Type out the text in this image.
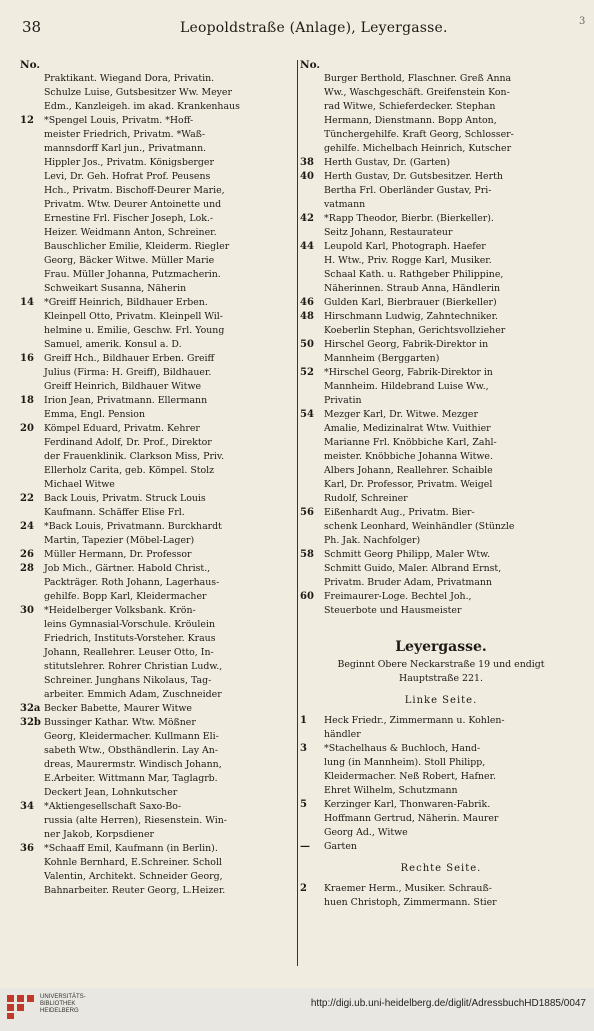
38	Leopoldstraße (Anlage), Leyergasse.	3
No.
Praktikant. Wiegand Dora, Privatin.
Schulze Luise, Gutsbesitzer Ww. Meyer
Edm., Kanzleigeh. im akad. Krankenhaus
12	*Spengel Louis, Privatm. *Hoff-
meister Friedrich, Privatm. *Waß-
mannsdorff Karl jun., Privatmann.
Hippler Jos., Privatm. Königsberger
Levi, Dr. Geh. Hofrat Prof. Peusens
Hch., Privatm. Bischoff-Deurer Marie,
Privatm. Wtw. Deurer Antoinette und
Ernestine Frl. Fischer Joseph, Lok.-
Heizer. Weidmann Anton, Schreiner.
Bauschlicher Emilie, Kleiderm. Riegler
Georg, Bäcker Witwe. Müller Marie
Frau. Müller Johanna, Putzmacherin.
Schweikart Susanna, Näherin
14	*Greiff Heinrich, Bildhauer Erben.
Kleinpell Otto, Privatm. Kleinpell Wil-
helmine u. Emilie, Geschw. Frl. Young
Samuel, amerik. Konsul a. D.
16	Greiff Hch., Bildhauer Erben. Greiff
Julius (Firma: H. Greiff), Bildhauer.
Greiff Heinrich, Bildhauer Witwe
18	Irion Jean, Privatmann. Ellermann
Emma, Engl. Pension
20	Kömpel Eduard, Privatm. Kehrer
Ferdinand Adolf, Dr. Prof., Direktor
der Frauenklinik. Clarkson Miss, Priv.
Ellerholz Carita, geb. Kömpel. Stolz
Michael Witwe
22	Back Louis, Privatm. Struck Louis
Kaufmann. Schäffer Elise Frl.
24	*Back Louis, Privatmann. Burckhardt
Martin, Tapezier (Möbel-Lager)
26	Müller Hermann, Dr. Professor
28	Job Mich., Gärtner. Habold Christ.,
Packträger. Roth Johann, Lagerhaus-
gehilfe. Bopp Karl, Kleidermacher
30	*Heidelberger Volksbank. Krön-
leins Gymnasial-Vorschule. Kröulein
Friedrich, Instituts-Vorsteher. Kraus
Johann, Reallehrer. Leuser Otto, In-
stitutslehrer. Rohrer Christian Ludw.,
Schreiner. Junghans Nikolaus, Tag-
arbeiter. Emmich Adam, Zuschneider
32a Becker Babette, Maurer Witwe
32b Bussinger Kathar. Wtw. Mößner
Georg, Kleidermacher. Kullmann Eli-
sabeth Wtw., Obsthändlerin. Lay An-
dreas, Maurermstr. Windisch Johann,
E.Arbeiter. Wittmann Mar, Taglagrb.
Deckert Jean, Lohnkutscher
34	*Aktiengesellschaft Saxo-Bo-
russia (alte Herren), Riesenstein. Win-
ner Jakob, Korpsdiener
36	*Schaaff Emil, Kaufmann (in Berlin).
Kohnle Bernhard, E.Schreiner. Scholl
Valentin, Architekt. Schneider Georg,
Bahnarbeiter. Reuter Georg, L.Heizer.
No.
Burger Berthold, Flaschner. Greß Anna
Ww., Waschgeschäft. Greifenstein Kon-
rad Witwe, Schieferdecker. Stephan
Hermann, Dienstmann. Bopp Anton,
Tünchergehilfe. Kraft Georg, Schlosser-
gehilfe. Michelbach Heinrich, Kutscher
38	Herth Gustav, Dr. (Garten)
40	Herth Gustav, Dr. Gutsbesitzer. Herth
Bertha Frl. Oberländer Gustav, Pri-
vatmann
42	*Rapp Theodor, Bierbr. (Bierkeller).
Seitz Johann, Restaurateur
44	Leupold Karl, Photograph. Haefer
H. Wtw., Priv. Rogge Karl, Musiker.
Schaal Kath. u. Rathgeber Philippine,
Näherinnen. Straub Anna, Händlerin
46	Gulden Karl, Bierbrauer (Bierkeller)
48	Hirschmann Ludwig, Zahntechniker.
Koeberlin Stephan, Gerichtsvollzieher
50	Hirschel Georg, Fabrik-Direktor in
Mannheim (Berggarten)
52	*Hirschel Georg, Fabrik-Direktor in
Mannheim. Hildebrand Luise Ww.,
Privatin
54	Mezger Karl, Dr. Witwe. Mezger
Amalie, Medizinalrat Wtw. Vuithier
Marianne Frl. Knöbbiche Karl, Zahl-
meister. Knöbbiche Johanna Witwe.
Albers Johann, Reallehrer. Schaible
Karl, Dr. Professor, Privatm. Weigel
Rudolf, Schreiner
56	Eißenhardt Aug., Privatm. Bier-
schenk Leonhard, Weinhändler (Stünzle
Ph. Jak. Nachfolger)
58	Schmitt Georg Philipp, Maler Wtw.
Schmitt Guido, Maler. Albrand Ernst,
Privatm. Bruder Adam, Privatmann
60	Freimaurer-Loge. Bechtel Joh.,
Steuerbote und Hausmeister
Leyergasse.
Beginnt Obere Neckarstraße 19 und endigt
Hauptstraße 221.
Linke Seite.
1	Heck Friedr., Zimmermann u. Kohlen-
händler
3	*Stachelhaus & Buchloch, Hand-
lung (in Mannheim). Stoll Philipp,
Kleidermacher. Neß Robert, Hafner.
Ehret Wilhelm, Schutzmann
5	Kerzinger Karl, Thonwaren-Fabrik.
Hoffmann Gertrud, Näherin. Maurer
Georg Ad., Witwe
—	Garten
Rechte Seite.
2	Kraemer Herm., Musiker. Schrauß-
huen Christoph, Zimmermann. Stier
UNIVERSITÄTS-
BIBLIOTHEK
HEIDELBERG
http://digi.ub.uni-heidelberg.de/diglit/AdressbuchHD1885/0047
